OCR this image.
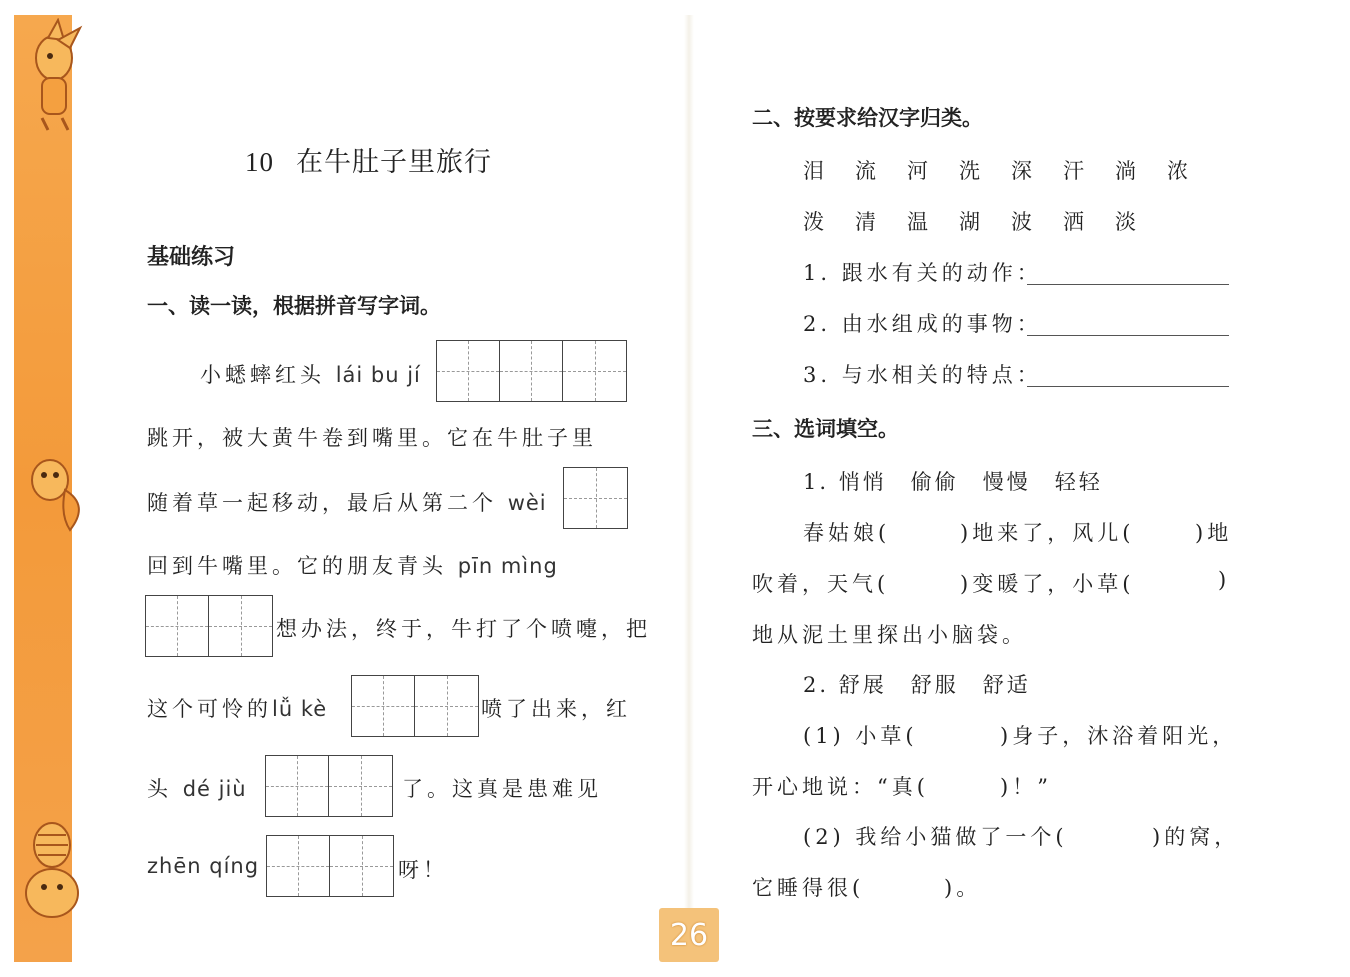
10 在牛肚子里旅行
基础练习
一、读一读，根据拼音写字词。
小蟋蟀红头 lái bu jí
跳开，被大黄牛卷到嘴里。它在牛肚子里
随着草一起移动，最后从第二个 wèi
回到牛嘴里。它的朋友青头 pīn mìng
想办法，终于，牛打了个喷嚏，把
这个可怜的lǚ kè	喷了出来，红
头 dé jiù	了。这真是患难见
zhēn qíng	呀！
二、按要求给汉字归类。
泪 流 河 洗 深 汗 淌 浓
泼 清 温 湖 波 洒 淡
1. 跟水有关的动作：
2. 由水组成的事物：
3. 与水相关的特点：
三、选词填空。
1. 悄悄　偷偷　慢慢　轻轻
春姑娘(	)地来了，风儿(	)地
吹着，天气(	)变暖了，小草(	)
地从泥土里探出小脑袋。
2. 舒展　舒服　舒适
(1) 小草(	)身子，沐浴着阳光，
开心地说：“真(	)！”
(2) 我给小猫做了一个(	)的窝，
它睡得很(	)。
26
